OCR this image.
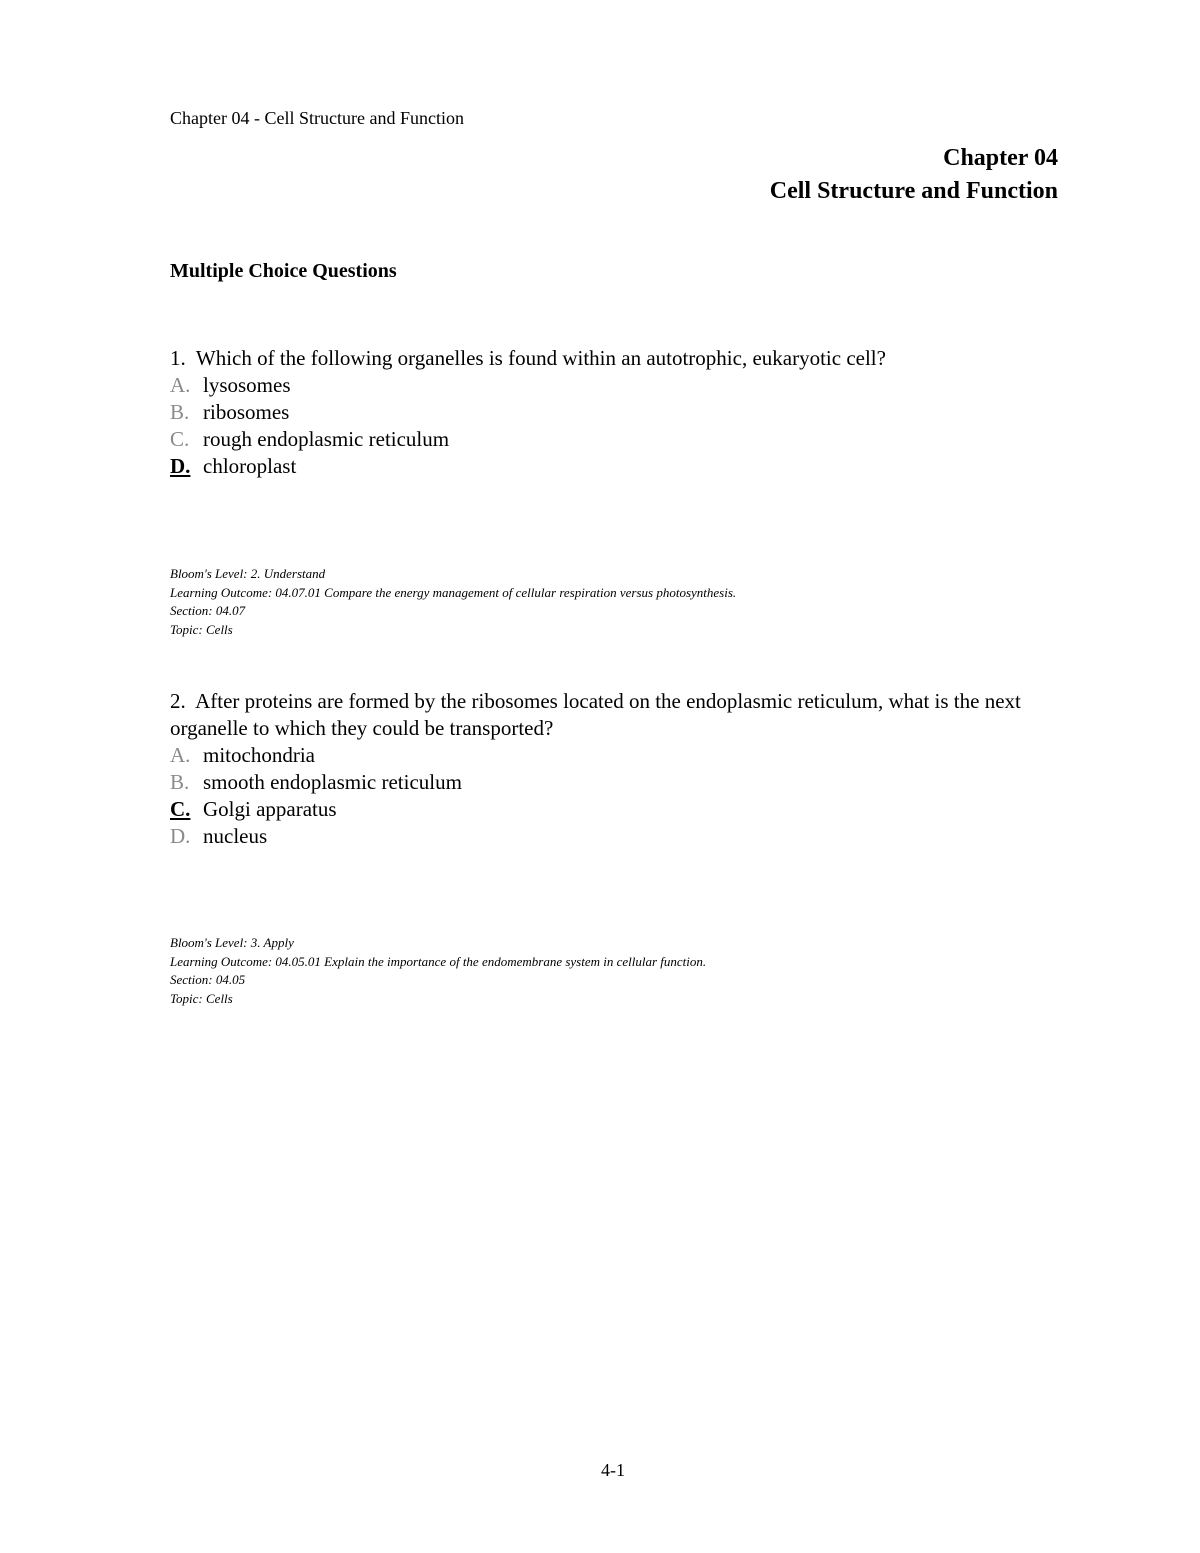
Chapter 04 - Cell Structure and Function
Chapter 04
Cell Structure and Function
Multiple Choice Questions

1. Which of the following organelles is found within an autotrophic, eukaryotic cell?

A. lysosomes

B. ribosomes

C. rough endoplasmic reticulum

D. chloroplast

Bloom's Level: 2. Understand
Learning Outcome: 04.07.01 Compare the energy management of cellular respiration versus photosynthesis.
Section: 04.07
Topic: Cells

2. After proteins are formed by the ribosomes located on the endoplasmic reticulum, what is the next organelle to which they could be transported?

A. mitochondria

B. smooth endoplasmic reticulum

C. Golgi apparatus

D. nucleus

Bloom's Level: 3. Apply
Learning Outcome: 04.05.01 Explain the importance of the endomembrane system in cellular function.
Section: 04.05
Topic: Cells
4-1
